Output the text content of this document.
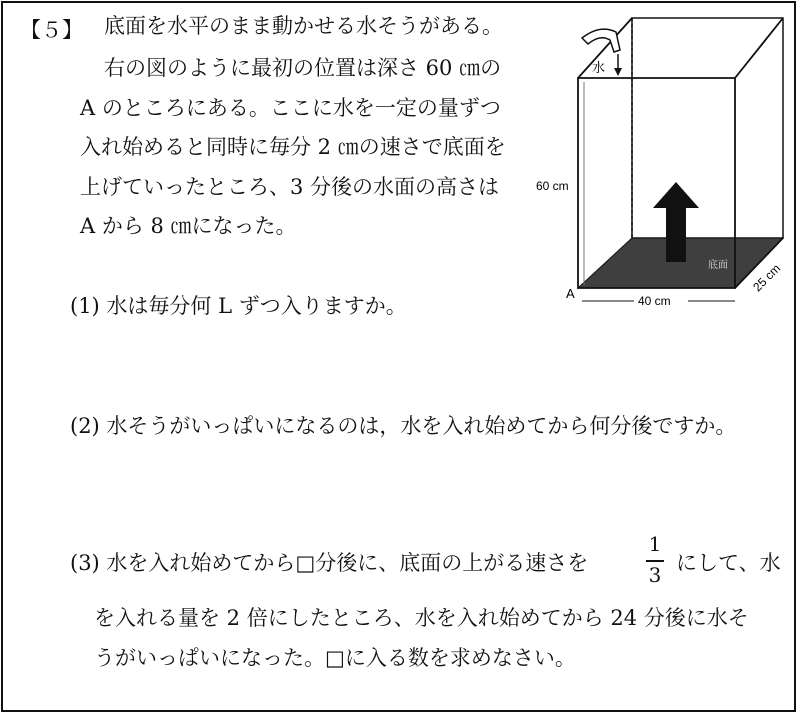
【５】 底面を水平のまま動かせる水そうがある。
右の図のように最初の位置は深さ 60 ㎝の
A のところにある。ここに水を一定の量ずつ
入れ始めると同時に毎分 2 ㎝の速さで底面を
上げていったところ、3 分後の水面の高さは
A から 8 ㎝になった。
(1) 水は毎分何 L ずつ入りますか。
(2) 水そうがいっぱいになるのは，水を入れ始めてから何分後ですか。
(3) 水を入れ始めてから□分後に、底面の上がる速さを
1
3 にして、水
を入れる量を 2 倍にしたところ、水を入れ始めてから 24 分後に水そ
うがいっぱいになった。□に入る数を求めなさい。
水
60 cm
底面
A	40 cm
25 cm
